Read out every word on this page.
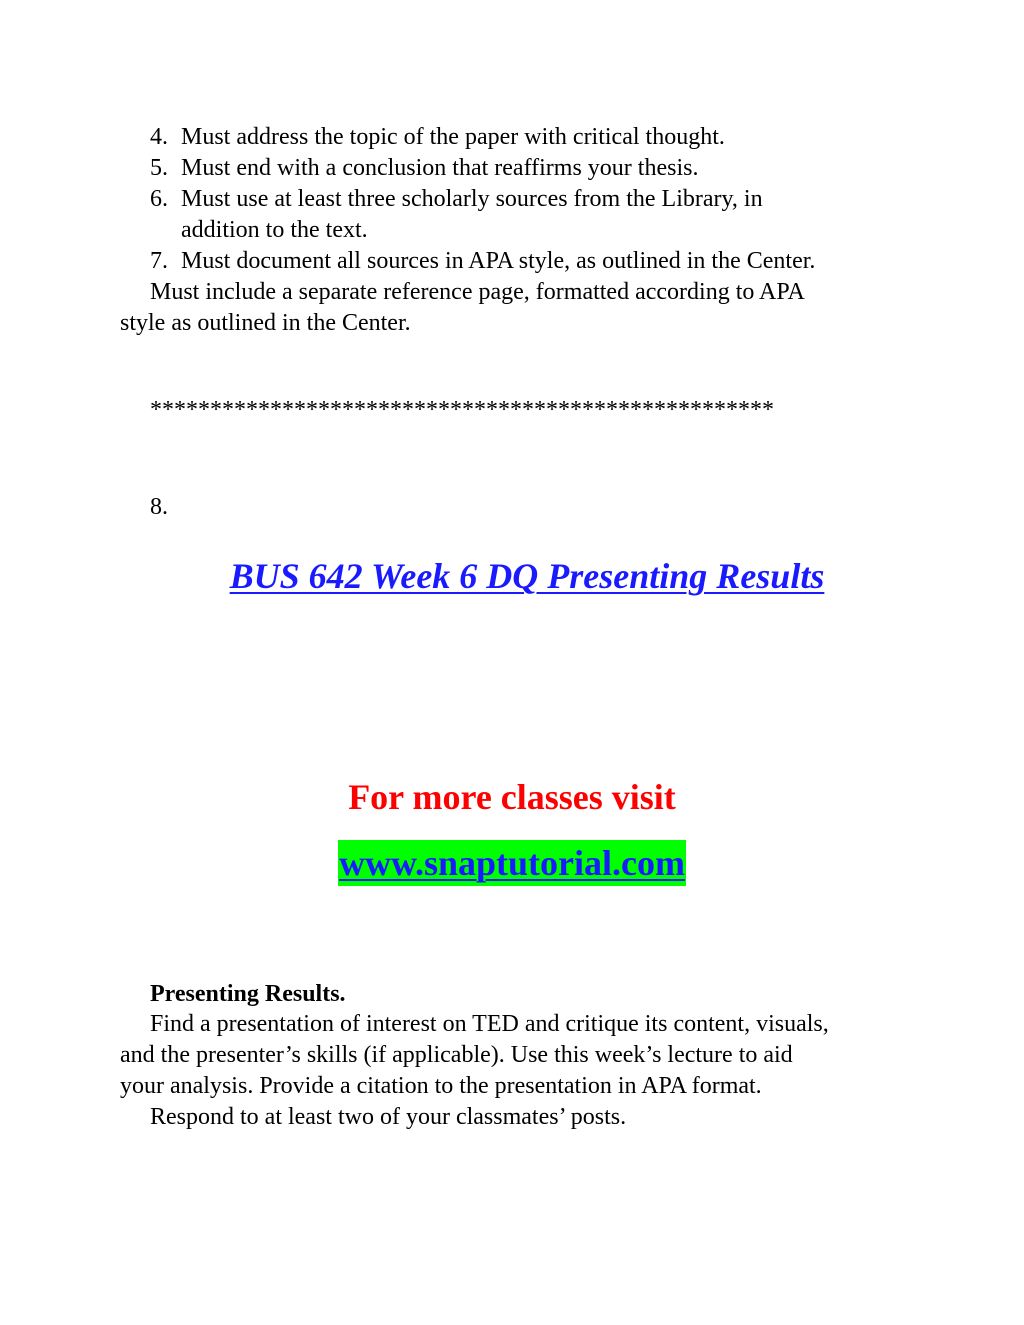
4. Must address the topic of the paper with critical thought.
5. Must end with a conclusion that reaffirms your thesis.
6. Must use at least three scholarly sources from the Library, in
addition to the text.
7. Must document all sources in APA style, as outlined in the Center.
Must include a separate reference page, formatted according to APA
style as outlined in the Center.
****************************************************
8.
BUS 642 Week 6 DQ Presenting Results
For more classes visit
www.snaptutorial.com
Presenting Results.
Find a presentation of interest on TED and critique its content, visuals,
and the presenter’s skills (if applicable). Use this week’s lecture to aid
your analysis. Provide a citation to the presentation in APA format.
Respond to at least two of your classmates’ posts.
